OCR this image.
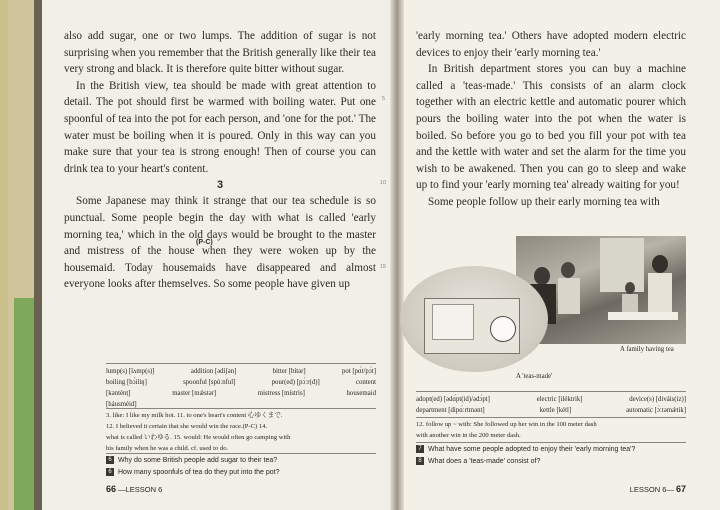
also add sugar, one or two lumps. The addition of sugar is not surprising when you remember that the British generally like their tea very strong and black. It is therefore quite bitter without sugar.

In the British view, tea should be made with great attention to detail. The pot should first be warmed with boiling water. Put one spoonful of tea into the pot for each person, and 'one for the pot.' The water must be boiling when it is poured. Only in this way can you make sure that your tea is strong enough! Then of course you can drink tea to your heart's content.

3

Some Japanese may think it strange that our tea schedule is so punctual. Some people begin the day with what is called 'early morning tea,' which in the old days would be brought to the master and mistress of the house when they were woken up by the housemaid. Today housemaids have disappeared and almost everyone looks after themselves. So some people have given up

(P-C)
5
10
15
lump(s) [lʌmp(s)]	addition [ədíʃən]	bitter [bítər]	pot [pɑ́t/pɔ́t]
boiling [bɔ́iliŋ]	spoonful [spúːnful]	pour(ed) [pɔ́ːr(d)]	content
[kənténṭ]	master [mǽstər]	mistress [místris]	housemaid
[háusmèid]
3. like: I like my milk hot. 11. to one's heart's content 心ゆくまで.
12. I believed it certain that she would win the race.(P-C) 14.
what is called いわゆる. 15. would: He would often go camping with
his family when he was a child. cf. used to do.
6 Why do some British people add sugar to their tea?
6 How many spoonfuls of tea do they put into the pot?
66 —LESSON 6

'early morning tea.' Others have adopted modern electric devices to enjoy their 'early morning tea.'

In British department stores you can buy a machine called a 'teas-made.' This consists of an alarm clock together with an electric kettle and automatic pourer which pours the boiling water into the pot when the water is boiled. So before you go to bed you fill your pot with tea and the kettle with water and set the alarm for the time you wish to be awakened. Then you can go to sleep and wake up to find your 'early morning tea' already waiting for you!

Some people follow up their early morning tea with

A family having tea
A 'teas-made'
adopt(ed) [ədɑ́pt(id)/ədɔ́pt]	electric [iléktrik]	device(s) [diváis(iz)]
department [dipɑ́ːrtmənt]	kettle [kétl]	automatic [ɔ̀ːtəmǽtik]
12. follow up ~ with: She followed up her win in the 100 meter dash
with another win in the 200 meter dash.
7 What have some people adopted to enjoy their 'early morning tea'?
8 What does a 'teas-made' consist of?
LESSON 6— 67
